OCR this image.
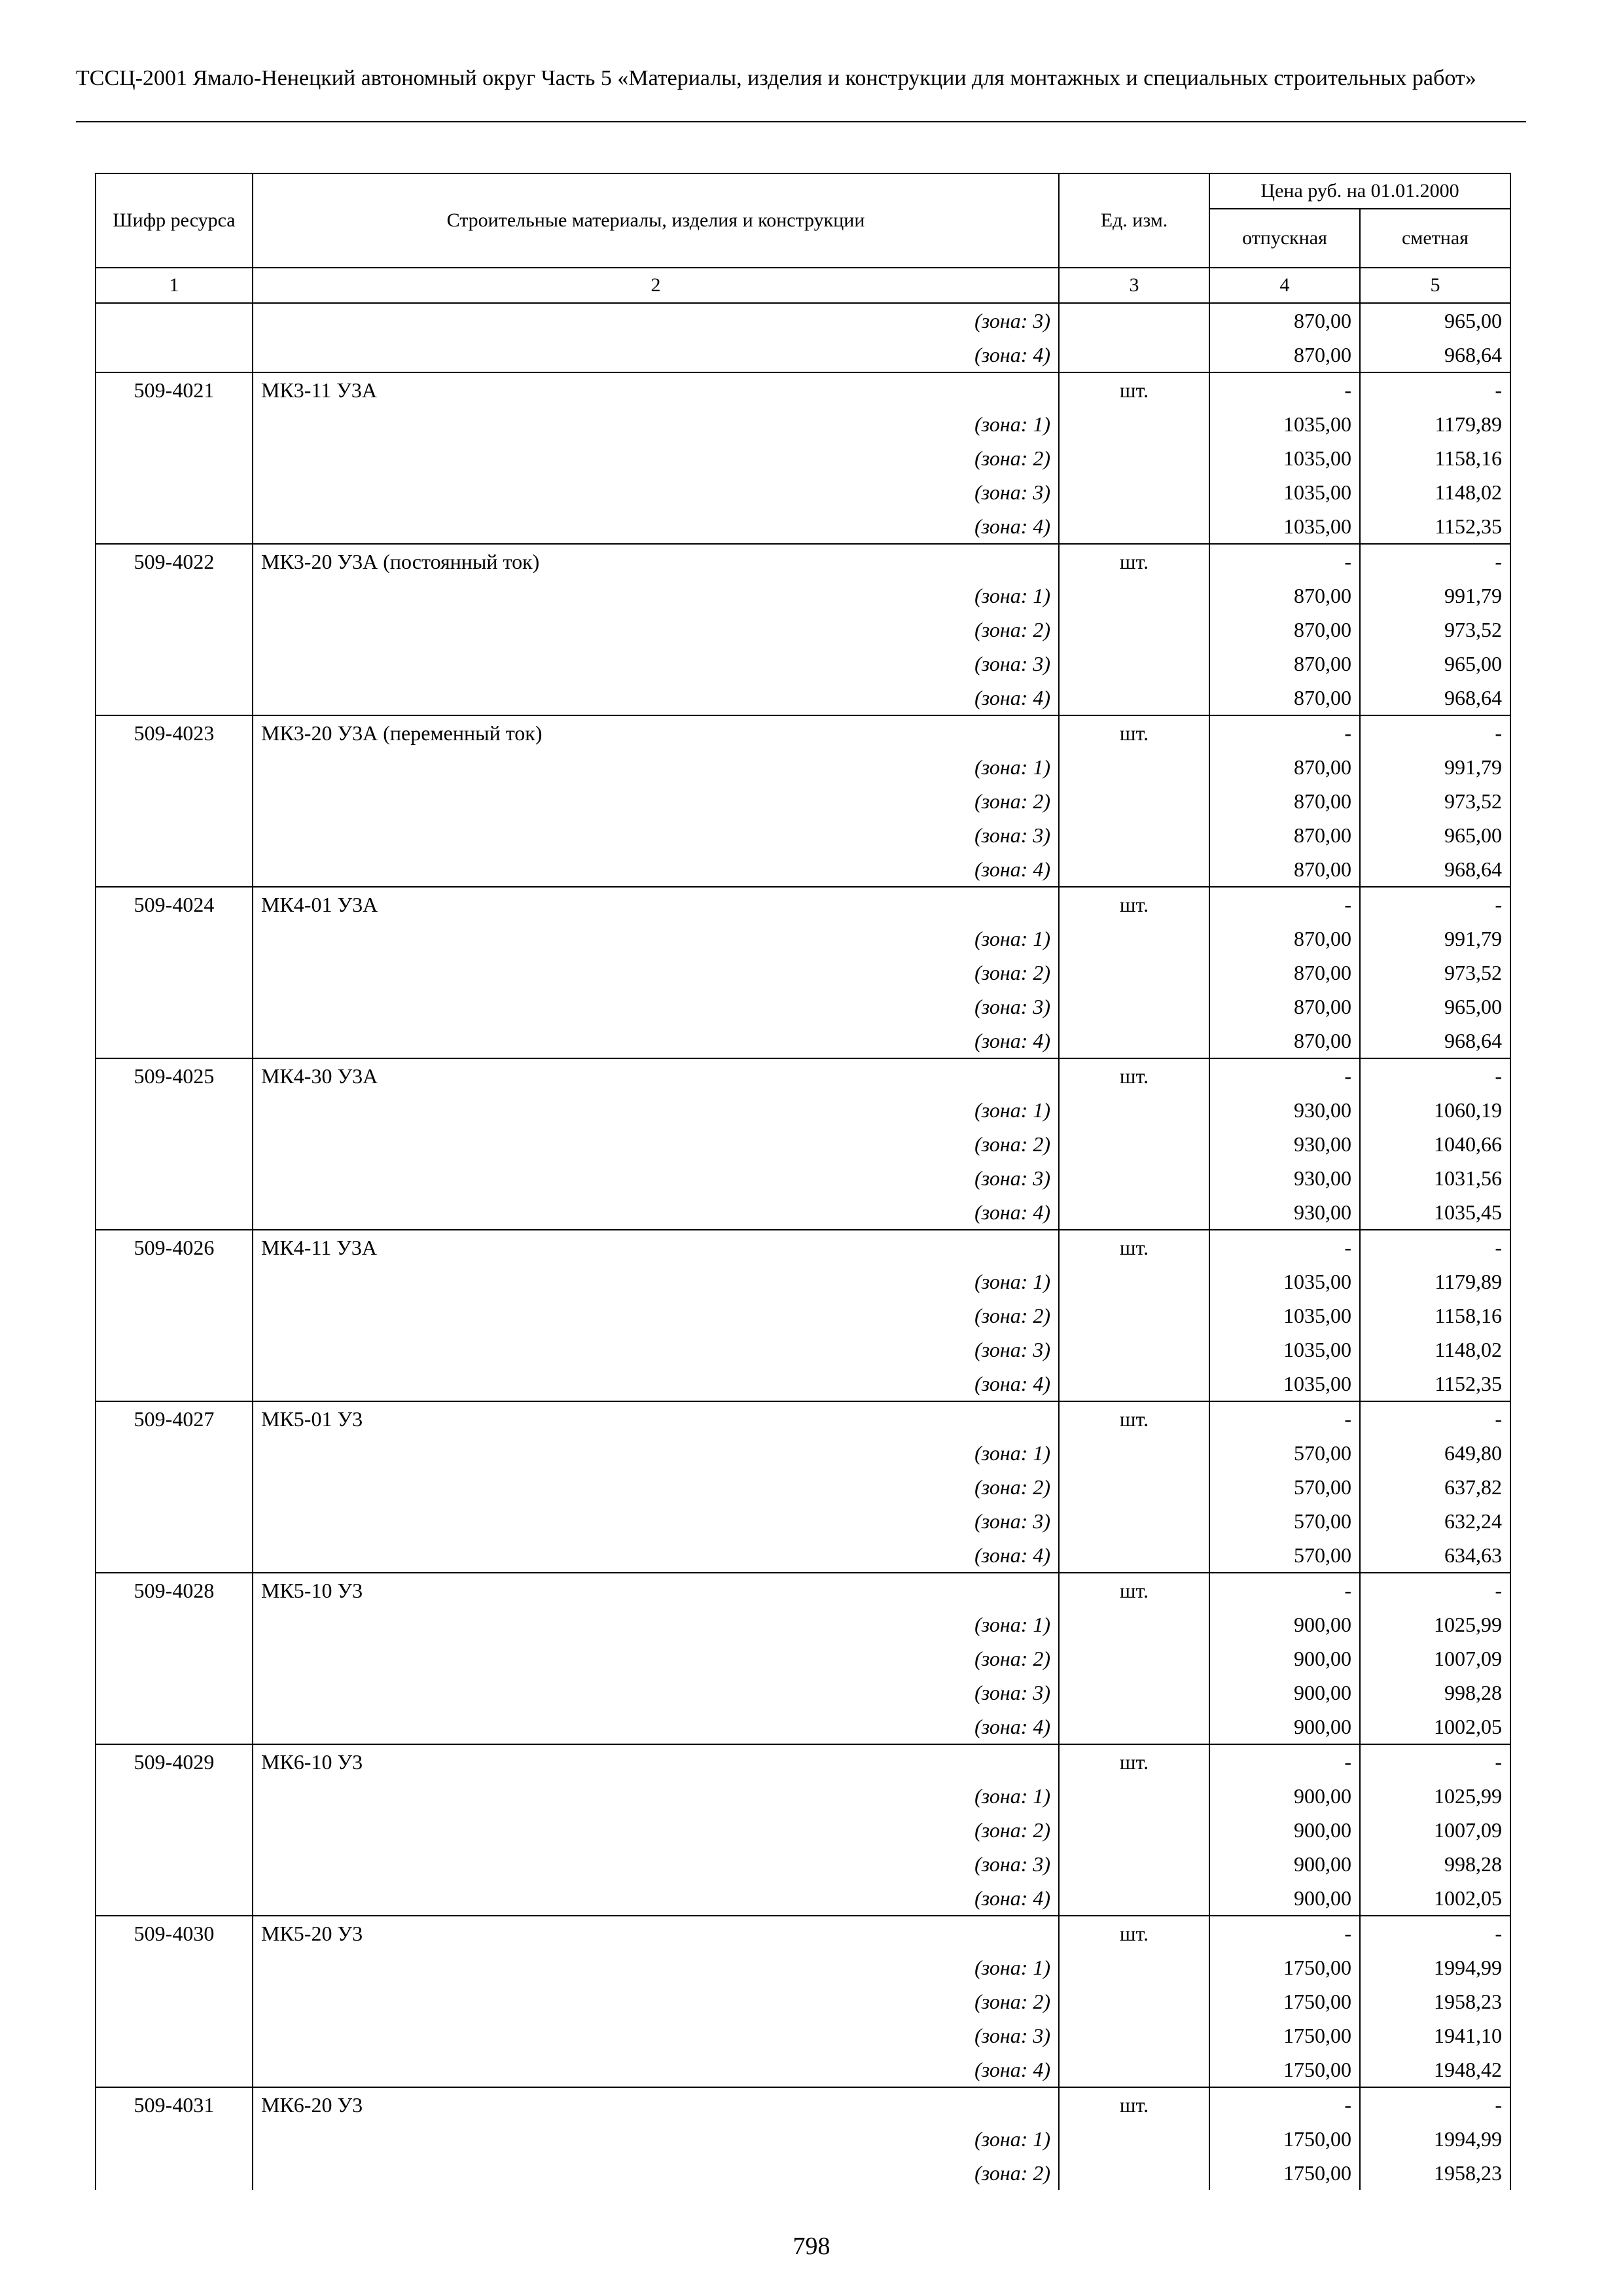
ТССЦ-2001 Ямало-Ненецкий автономный округ Часть 5 «Материалы, изделия и конструкции для монтажных и специальных строительных работ»
Шифр ресурса	Строительные материалы, изделия и конструкции	Ед. изм.	Цена руб. на 01.01.2000	
			отпускная	сметная
1	2	3	4	5
	(зона: 3)		870,00	965,00
	(зона: 4)		870,00	968,64
509-4021	МК3-11 У3А	шт.	-	-
	(зона: 1)		1035,00	1179,89
	(зона: 2)		1035,00	1158,16
	(зона: 3)		1035,00	1148,02
	(зона: 4)		1035,00	1152,35
509-4022	МК3-20 У3А (постоянный ток)	шт.	-	-
	(зона: 1)		870,00	991,79
	(зона: 2)		870,00	973,52
	(зона: 3)		870,00	965,00
	(зона: 4)		870,00	968,64
509-4023	МК3-20 У3А (переменный ток)	шт.	-	-
	(зона: 1)		870,00	991,79
	(зона: 2)		870,00	973,52
	(зона: 3)		870,00	965,00
	(зона: 4)		870,00	968,64
509-4024	МК4-01 У3А	шт.	-	-
	(зона: 1)		870,00	991,79
	(зона: 2)		870,00	973,52
	(зона: 3)		870,00	965,00
	(зона: 4)		870,00	968,64
509-4025	МК4-30 У3А	шт.	-	-
	(зона: 1)		930,00	1060,19
	(зона: 2)		930,00	1040,66
	(зона: 3)		930,00	1031,56
	(зона: 4)		930,00	1035,45
509-4026	МК4-11 У3А	шт.	-	-
	(зона: 1)		1035,00	1179,89
	(зона: 2)		1035,00	1158,16
	(зона: 3)		1035,00	1148,02
	(зона: 4)		1035,00	1152,35
509-4027	МК5-01 У3	шт.	-	-
	(зона: 1)		570,00	649,80
	(зона: 2)		570,00	637,82
	(зона: 3)		570,00	632,24
	(зона: 4)		570,00	634,63
509-4028	МК5-10 У3	шт.	-	-
	(зона: 1)		900,00	1025,99
	(зона: 2)		900,00	1007,09
	(зона: 3)		900,00	998,28
	(зона: 4)		900,00	1002,05
509-4029	МК6-10 У3	шт.	-	-
	(зона: 1)		900,00	1025,99
	(зона: 2)		900,00	1007,09
	(зона: 3)		900,00	998,28
	(зона: 4)		900,00	1002,05
509-4030	МК5-20 У3	шт.	-	-
	(зона: 1)		1750,00	1994,99
	(зона: 2)		1750,00	1958,23
	(зона: 3)		1750,00	1941,10
	(зона: 4)		1750,00	1948,42
509-4031	МК6-20 У3	шт.	-	-
	(зона: 1)		1750,00	1994,99
	(зона: 2)		1750,00	1958,23
798
